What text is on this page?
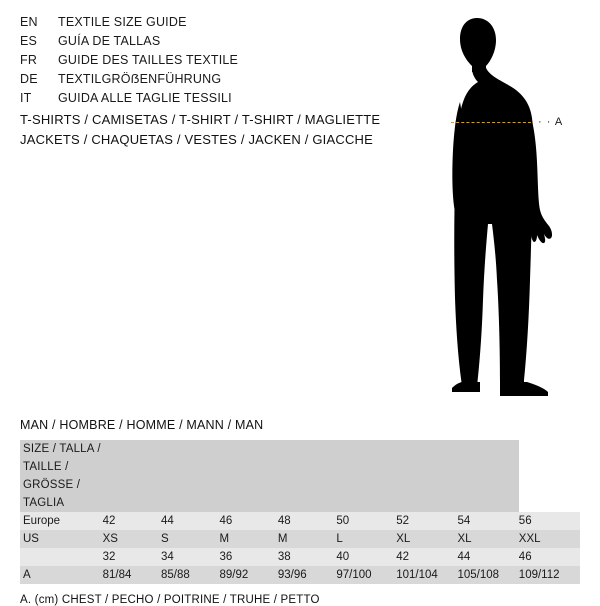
EN	TEXTILE SIZE GUIDE
ES	GUÍA DE TALLAS
FR	GUIDE DES TAILLES TEXTILE
DE	TEXTILGRÖẞENFÜHRUNG
IT	GUIDA ALLE TAGLIE TESSILI
T-SHIRTS / CAMISETAS / T-SHIRT / T-SHIRT / MAGLIETTE
JACKETS / CHAQUETAS / VESTES / JACKEN / GIACCHE
· · A
MAN / HOMBRE / HOMME / MANN / MAN
SIZE / TALLA / TAILLE / GRÖSSE / TAGLIA								
Europe	42	44	46	48	50	52	54	56
US	XS	S	M	M	L	XL	XL	XXL
	32	34	36	38	40	42	44	46
A	81/84	85/88	89/92	93/96	97/100	101/104	105/108	109/112
A. (cm) CHEST / PECHO / POITRINE / TRUHE / PETTO
